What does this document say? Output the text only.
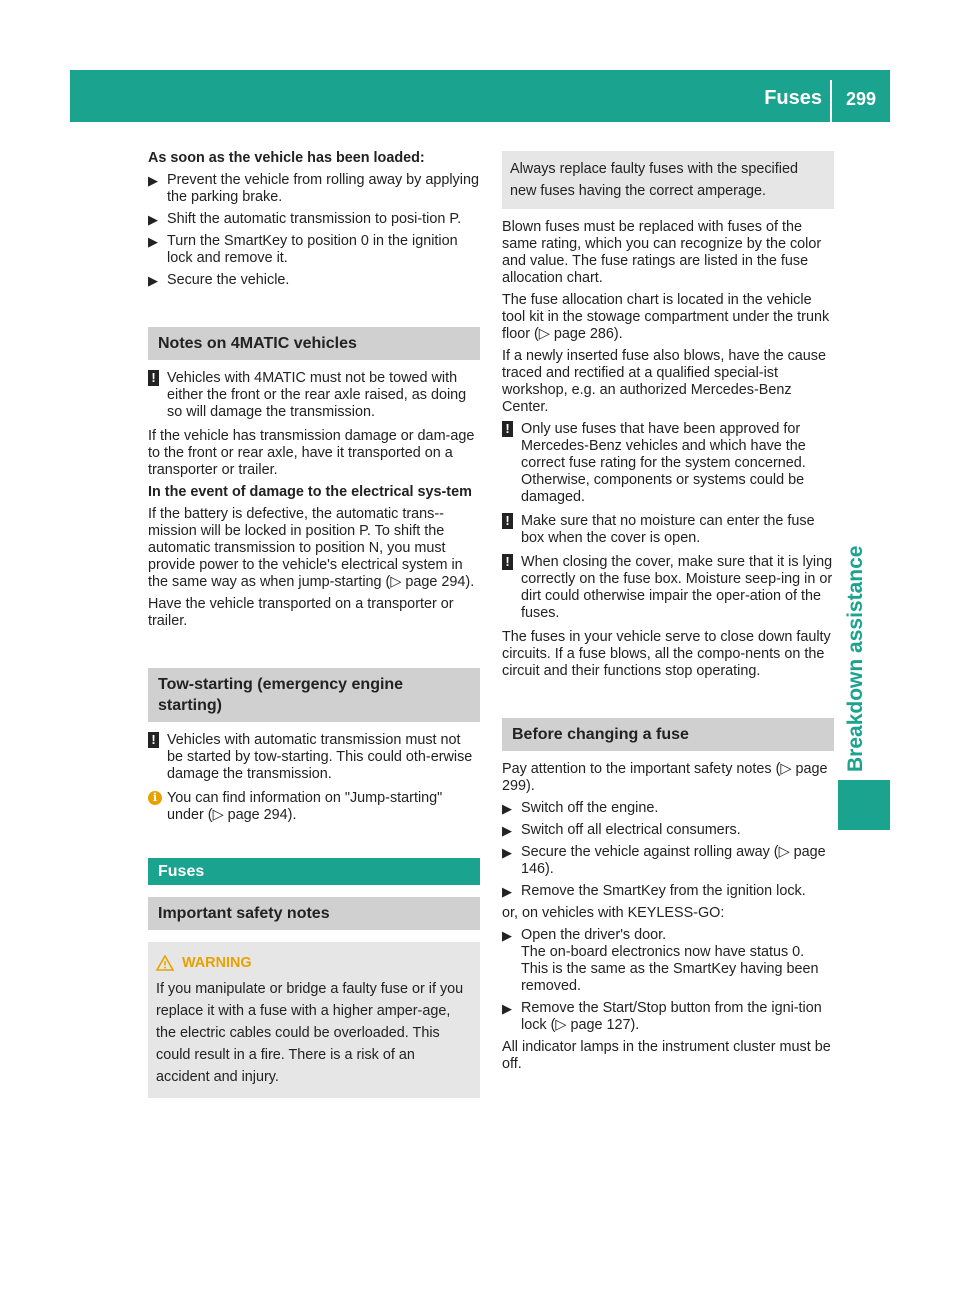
Fuses	299
Breakdown assistance

As soon as the vehicle has been loaded:

▶ Prevent the vehicle from rolling away by applying the parking brake.
▶ Shift the automatic transmission to posi-tion P.
▶ Turn the SmartKey to position 0 in the ignition lock and remove it.
▶ Secure the vehicle.
Notes on 4MATIC vehicles
! Vehicles with 4MATIC must not be towed with either the front or the rear axle raised, as doing so will damage the transmission.

If the vehicle has transmission damage or dam-age to the front or rear axle, have it transported on a transporter or trailer.

In the event of damage to the electrical sys-tem

If the battery is defective, the automatic trans-mission will be locked in position P. To shift the automatic transmission to position N, you must provide power to the vehicle's electrical system in the same way as when jump-starting (▷ page 294).

Have the vehicle transported on a transporter or trailer.

Tow-starting (emergency engine starting)
! Vehicles with automatic transmission must not be started by tow-starting. This could oth-erwise damage the transmission.
i You can find information on "Jump-starting" under (▷ page 294).
Fuses
Important safety notes
WARNING
If you manipulate or bridge a faulty fuse or if you replace it with a fuse with a higher amper-age, the electric cables could be overloaded. This could result in a fire. There is a risk of an accident and injury.
Always replace faulty fuses with the specified new fuses having the correct amperage.

Blown fuses must be replaced with fuses of the same rating, which you can recognize by the color and value. The fuse ratings are listed in the fuse allocation chart.

The fuse allocation chart is located in the vehicle tool kit in the stowage compartment under the trunk floor (▷ page 286).

If a newly inserted fuse also blows, have the cause traced and rectified at a qualified special-ist workshop, e.g. an authorized Mercedes-Benz Center.

! Only use fuses that have been approved for Mercedes-Benz vehicles and which have the correct fuse rating for the system concerned. Otherwise, components or systems could be damaged.
! Make sure that no moisture can enter the fuse box when the cover is open.
! When closing the cover, make sure that it is lying correctly on the fuse box. Moisture seep-ing in or dirt could otherwise impair the oper-ation of the fuses.

The fuses in your vehicle serve to close down faulty circuits. If a fuse blows, all the compo-nents on the circuit and their functions stop operating.

Before changing a fuse

Pay attention to the important safety notes (▷ page 299).

▶ Switch off the engine.
▶ Switch off all electrical consumers.
▶ Secure the vehicle against rolling away (▷ page 146).
▶ Remove the SmartKey from the ignition lock.

or, on vehicles with KEYLESS-GO:

▶ Open the driver's door.
The on-board electronics now have status 0. This is the same as the SmartKey having been removed.
▶ Remove the Start/Stop button from the igni-tion lock (▷ page 127).

All indicator lamps in the instrument cluster must be off.
